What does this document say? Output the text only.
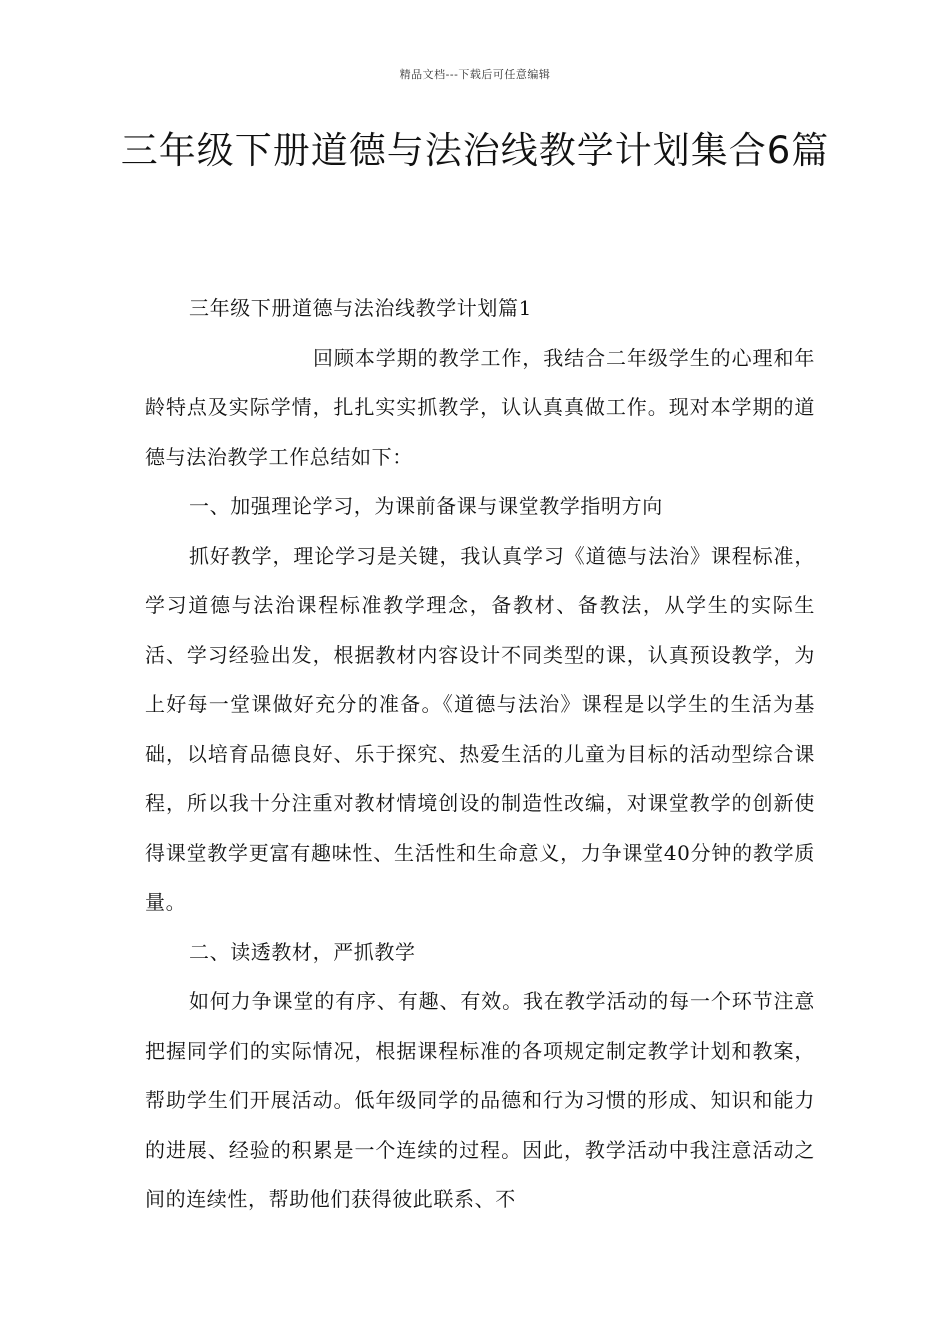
精品文档---下载后可任意编辑
三年级下册道德与法治线教学计划集合6篇

三年级下册道德与法治线教学计划篇1

回顾本学期的教学工作，我结合二年级学生的心理和年龄特点及实际学情，扎扎实实抓教学，认认真真做工作。现对本学期的道德与法治教学工作总结如下：

一、加强理论学习，为课前备课与课堂教学指明方向

抓好教学，理论学习是关键，我认真学习《道德与法治》课程标准，学习道德与法治课程标准教学理念，备教材、备教法，从学生的实际生活、学习经验出发，根据教材内容设计不同类型的课，认真预设教学，为上好每一堂课做好充分的准备。《道德与法治》课程是以学生的生活为基础，以培育品德良好、乐于探究、热爱生活的儿童为目标的活动型综合课程，所以我十分注重对教材情境创设的制造性改编，对课堂教学的创新使得课堂教学更富有趣味性、生活性和生命意义，力争课堂40分钟的教学质量。

二、读透教材，严抓教学

如何力争课堂的有序、有趣、有效。我在教学活动的每一个环节注意把握同学们的实际情况，根据课程标准的各项规定制定教学计划和教案，帮助学生们开展活动。低年级同学的品德和行为习惯的形成、知识和能力的进展、经验的积累是一个连续的过程。因此，教学活动中我注意活动之间的连续性，帮助他们获得彼此联系、不
